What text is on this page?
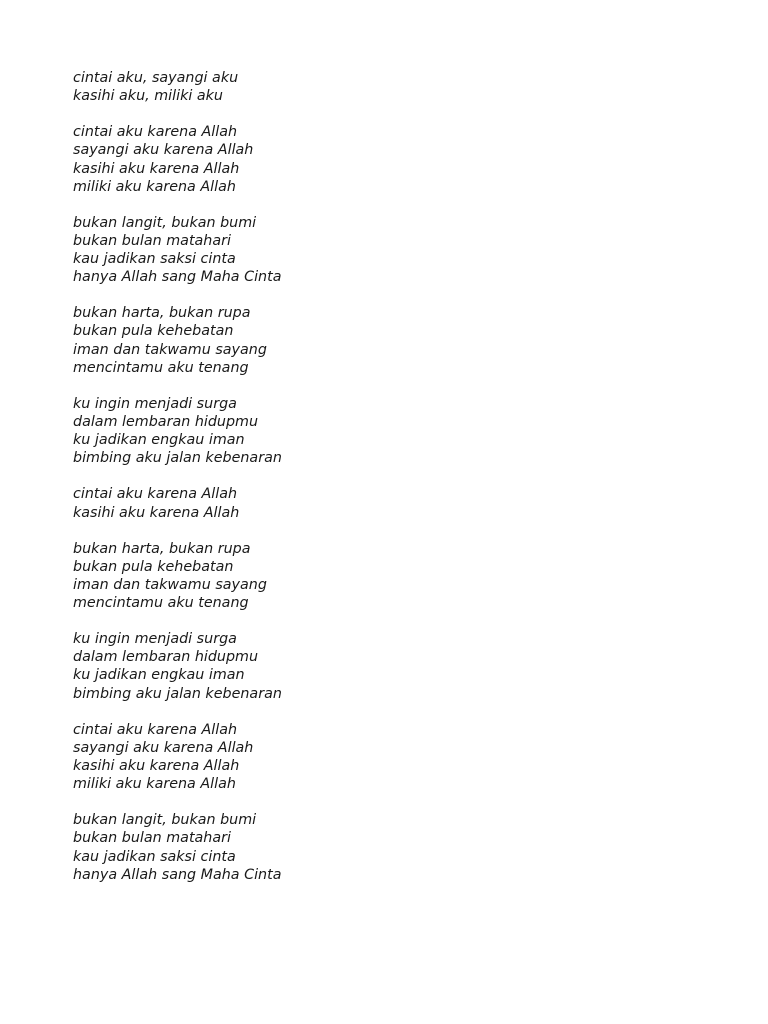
cintai aku, sayangi aku
kasihi aku, miliki aku
cintai aku karena Allah
sayangi aku karena Allah
kasihi aku karena Allah
miliki aku karena Allah
bukan langit, bukan bumi
bukan bulan matahari
kau jadikan saksi cinta
hanya Allah sang Maha Cinta
bukan harta, bukan rupa
bukan pula kehebatan
iman dan takwamu sayang
mencintamu aku tenang
ku ingin menjadi surga
dalam lembaran hidupmu
ku jadikan engkau iman
bimbing aku jalan kebenaran
cintai aku karena Allah
kasihi aku karena Allah
bukan harta, bukan rupa
bukan pula kehebatan
iman dan takwamu sayang
mencintamu aku tenang
ku ingin menjadi surga
dalam lembaran hidupmu
ku jadikan engkau iman
bimbing aku jalan kebenaran
cintai aku karena Allah
sayangi aku karena Allah
kasihi aku karena Allah
miliki aku karena Allah
bukan langit, bukan bumi
bukan bulan matahari
kau jadikan saksi cinta
hanya Allah sang Maha Cinta
